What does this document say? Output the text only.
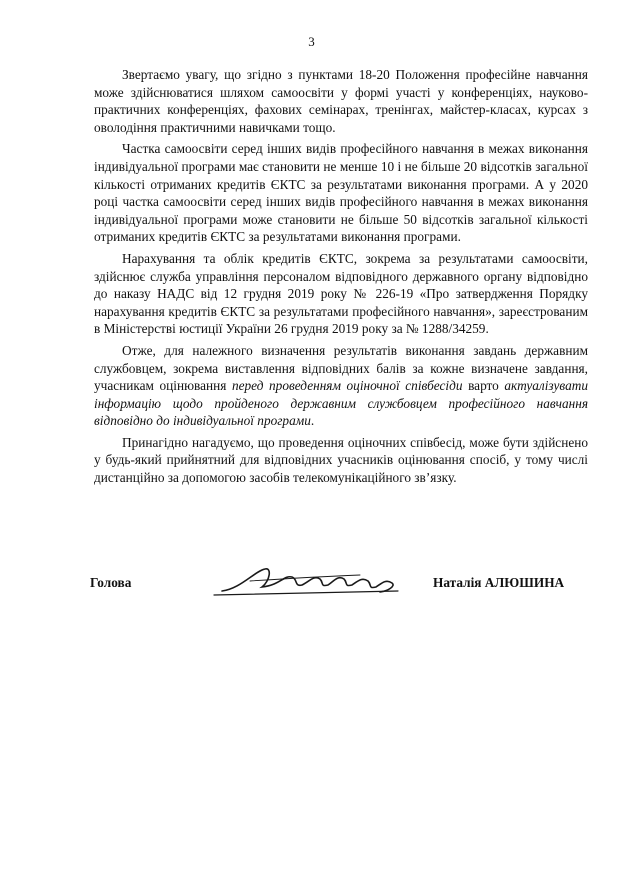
3

Звертаємо увагу, що згідно з пунктами 18-20 Положення професійне навчання може здійснюватися шляхом самоосвіти у формі участі у конференціях, науково-практичних конференціях, фахових семінарах, тренінгах, майстер-класах, курсах з оволодіння практичними навичками тощо.

Частка самоосвіти серед інших видів професійного навчання в межах виконання індивідуальної програми має становити не менше 10 і не більше 20 відсотків загальної кількості отриманих кредитів ЄКТС за результатами виконання програми. А у 2020 році частка самоосвіти серед інших видів професійного навчання в межах виконання індивідуальної програми може становити не більше 50 відсотків загальної кількості отриманих кредитів ЄКТС за результатами виконання програми.

Нарахування та облік кредитів ЄКТС, зокрема за результатами самоосвіти, здійснює служба управління персоналом відповідного державного органу відповідно до наказу НАДС від 12 грудня 2019 року № 226-19 «Про затвердження Порядку нарахування кредитів ЄКТС за результатами професійного навчання», зареєстрованим в Міністерстві юстиції України 26 грудня 2019 року за № 1288/34259.

Отже, для належного визначення результатів виконання завдань державним службовцем, зокрема виставлення відповідних балів за кожне визначене завдання, учасникам оцінювання перед проведенням оціночної співбесіди варто актуалізувати інформацію щодо пройденого державним службовцем професійного навчання відповідно до індивідуальної програми.

Принагідно нагадуємо, що проведення оціночних співбесід, може бути здійснено у будь-який прийнятний для відповідних учасників оцінювання спосіб, у тому числі дистанційно за допомогою засобів телекомунікаційного зв’язку.

Голова	Наталія АЛЮШИНА
